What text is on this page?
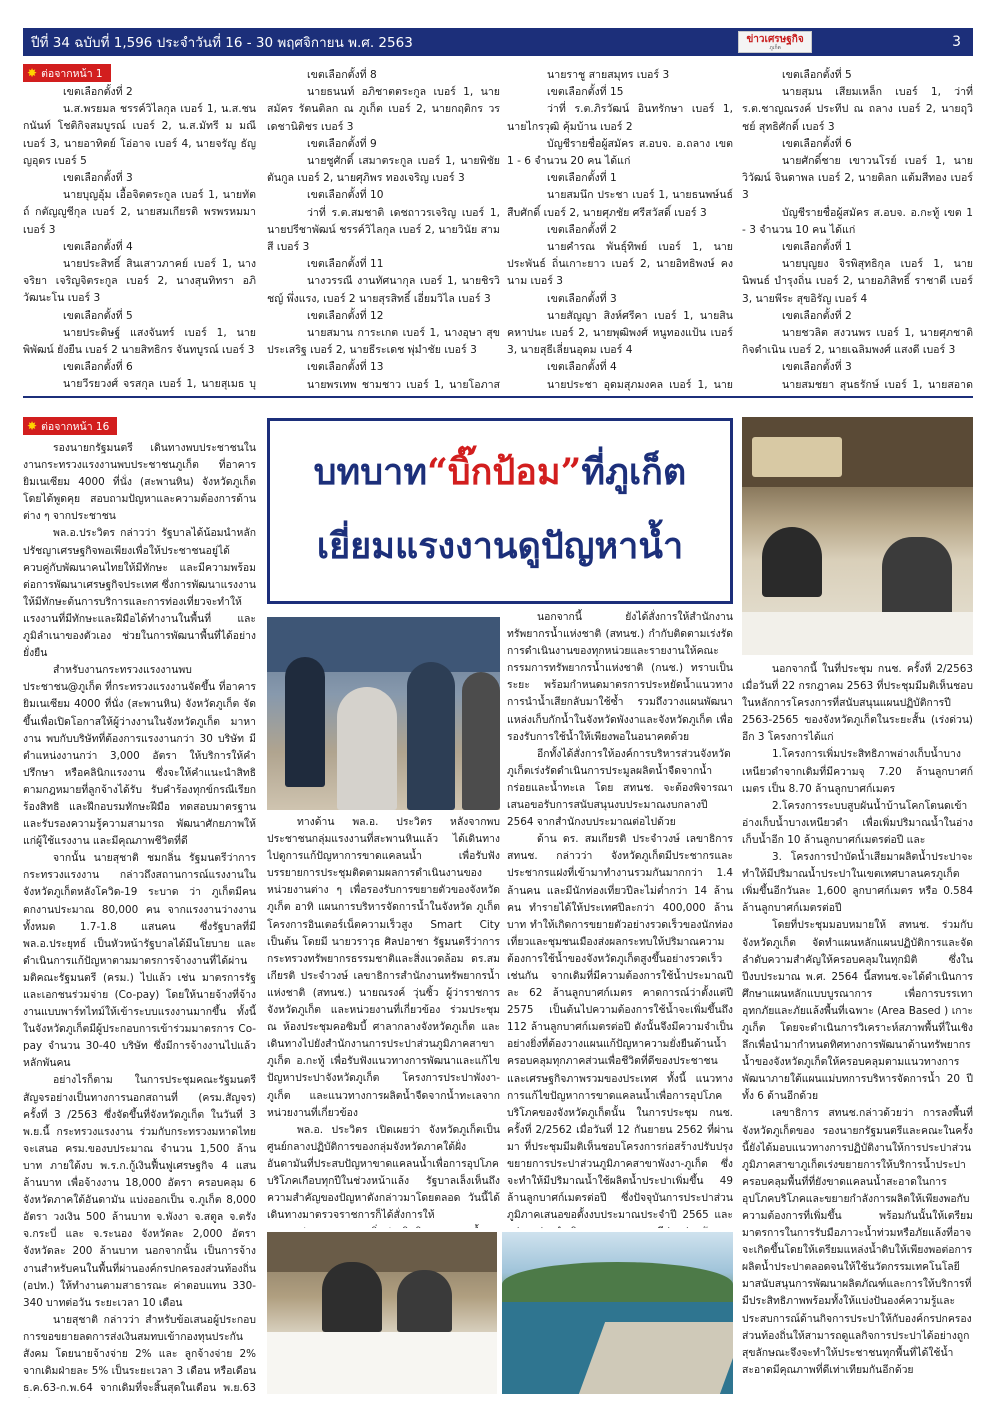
ปีที่ 34 ฉบับที่ 1,596 ประจำวันที่ 16 - 30 พฤศจิกายน พ.ศ. 2563	ข่าวเศรษฐกิจ
ภูเก็ต	3
✸ ต่อจากหน้า 1

เขตเลือกตั้งที่ 2

น.ส.พรยมล ชรรค์วิไลกุล เบอร์ 1, น.ส.ชนกนันท์ โชติกิจสมบูรณ์ เบอร์ 2, น.ส.มัทรี ม มณี เบอร์ 3, นายอาทิตย์ โอ่อาจ เบอร์ 4, นายจรัญ ธัญญอุดร เบอร์ 5

เขตเลือกตั้งที่ 3

นายบุญอุ้ม เอื้อจิตตระกูล เบอร์ 1, นายทัตถ์ กตัญญูชีกุล เบอร์ 2, นายสมเกียรติ พรพรหมมา เบอร์ 3

เขตเลือกตั้งที่ 4

นายประสิทธิ์ สินเสาวภาคย์ เบอร์ 1, นางจริยา เจริญจิตระกูล เบอร์ 2, นางสุนทิทรา อภิวัฒนะโน เบอร์ 3

เขตเลือกตั้งที่ 5

นายประดิษฐ์ แสงจันทร์ เบอร์ 1, นายพิพัฒน์ ยังยืน เบอร์ 2 นายสิทธิกร จันทบูรณ์ เบอร์ 3

เขตเลือกตั้งที่ 6

นายวีรยวงศ์ จรสกุล เบอร์ 1, นายสุเมธ บุ

เขตเลือกตั้งที่ 8

นายธนนท์ อภิชาตตระกูล เบอร์ 1, นายสมัคร รัตนติลก ณ ภูเก็ต เบอร์ 2, นายกฤติกร วรเดชานิติชร เบอร์ 3

เขตเลือกตั้งที่ 9

นายชูศักดิ์ เสมาตระกูล เบอร์ 1, นายพิชัย ตันกูล เบอร์ 2, นายศุภิพร ทองเจริญ เบอร์ 3

เขตเลือกตั้งที่ 10

ว่าที่ ร.ต.สมชาติ เดชถาวรเจริญ เบอร์ 1, นายปรีชาพัฒน์ ชรรค์วิไลกุล เบอร์ 2, นายวินัย สามสี เบอร์ 3

เขตเลือกตั้งที่ 11

นางวรรณี งานทัศนากุล เบอร์ 1, นายชิรวิชญ์ พึ่งแรง, เบอร์ 2 นายสุรสิทธิ์ เอี่ยมวิไล เบอร์ 3

เขตเลือกตั้งที่ 12

นายสมาน การะเกต เบอร์ 1, นางอุษา สุขประเสริฐ เบอร์ 2, นายธีระเดช พุ่มำชัย เบอร์ 3

เขตเลือกตั้งที่ 13

นายพรเทพ ชามชาว เบอร์ 1, นายโอภาส

นายราชู สายสมุทร เบอร์ 3

เขตเลือกตั้งที่ 15

ว่าที่ ร.ต.ภิรวัฒน์ อินทรักษา เบอร์ 1, นายไกรวุฒิ คุ้มบ้าน เบอร์ 2

บัญชีรายชื่อผู้สมัคร ส.อบจ. อ.ถลาง เขต 1 - 6 จำนวน 20 คน ได้แก่

เขตเลือกตั้งที่ 1

นายสมนึก ประชา เบอร์ 1, นายธนพษ์นธ์ สืบศักดิ์ เบอร์ 2, นายศุภชัย ศรีสวัสดิ์ เบอร์ 3

เขตเลือกตั้งที่ 2

นายคำรณ พันธุ์ทิพย์ เบอร์ 1, นายประพันธ์ ถิ่นเกาะยาว เบอร์ 2, นายอิทธิพงษ์ คงนาม เบอร์ 3

เขตเลือกตั้งที่ 3

นายสัญญา สิงห์ศรีคา เบอร์ 1, นายสิน คหาปนะ เบอร์ 2, นายพุฒิพงศ์ หนูทองแป้น เบอร์ 3, นายสุธีเลี่ยนอุดม เบอร์ 4

เขตเลือกตั้งที่ 4

นายประชา อุดมสุภมงคล เบอร์ 1, นาย

เขตเลือกตั้งที่ 5

นายสุมน เสียมเหล็ก เบอร์ 1, ว่าที่ ร.ต.ชาญณรงค์ ประทีป ณ ถลาง เบอร์ 2, นายฤุวิชย์ สุทธิศักดิ์ เบอร์ 3

เขตเลือกตั้งที่ 6

นายศักดิ์ชาย เขาวนโรย์ เบอร์ 1, นายวิวัฒน์ จินดาพล เบอร์ 2, นายดิลก แต้มสีทอง เบอร์ 3

บัญชีรายชื่อผู้สมัคร ส.อบจ. อ.กะทู้ เขต 1 - 3 จำนวน 10 คน ได้แก่

เขตเลือกตั้งที่ 1

นายบุญยง จิรพิสุทธิกุล เบอร์ 1, นายนิพนธ์ บำรุงถิ่น เบอร์ 2, นายอภิสิทธิ์ ราชาดี เบอร์ 3, นายพีระ สุขอิรัญ เบอร์ 4

เขตเลือกตั้งที่ 2

นายชวลิต สงวนพร เบอร์ 1, นายศุภชาติ กิจดำเนิน เบอร์ 2, นายเฉลิมพงศ์ แสงดี เบอร์ 3

เขตเลือกตั้งที่ 3

นายสมชยา สุนธรักษ์ เบอร์ 1, นายสอาด

✸ ต่อจากหน้า 16

รองนายกรัฐมนตรี เดินทางพบประชาชนในงานกระทรวงแรงงานพบประชาชนภูเก็ต ที่อาคารยิมเนเซียม 4000 ที่นั่ง (สะพานหิน) จังหวัดภูเก็ต โดยได้พูดคุย สอบถามปัญหาและความต้องการด้านต่าง ๆ จากประชาชน

พล.อ.ประวิตร กล่าวว่า รัฐบาลได้น้อมนำหลักปรัชญาเศรษฐกิจพอเพียงเพื่อให้ประชาชนอยู่ได้ ควบคู่กับพัฒนาคนไทยให้มีทักษะ และมีความพร้อมต่อการพัฒนาเศรษฐกิจประเทศ ซึ่งการพัฒนาแรงงานให้มีทักษะต้นการบริการและการท่องเที่ยวจะทำให้แรงงานที่มีทักษะและฝีมือได้ทำงานในพื้นที่ และภูมิลำเนาของตัวเอง ช่วยในการพัฒนาพื้นที่ได้อย่างยั่งยืน

สำหรับงานกระทรวงแรงงานพบประชาชน@ภูเก็ต ที่กระทรวงแรงงานจัดขึ้น ที่อาคารยิมเนเซียม 4000 ที่นั่ง (สะพานหิน) จังหวัดภูเก็ต จัดขึ้นเพื่อเปิดโอกาสให้ผู้ว่างงานในจังหวัดภูเก็ต มาหางาน พบกับบริษัทที่ต้องการแรงงานกว่า 30 บริษัท มีตำแหน่งงานกว่า 3,000 อัตรา ให้บริการให้คำปรึกษา หรือคลินิกแรงงาน ซึ่งจะให้คำแนะนำสิทธิตามกฎหมายที่ลูกจ้างได้รับ รับคำร้องทุกข์กรณีเรียกร้องสิทธิ และฝึกอบรมทักษะฝีมือ ทดสอบมาตรฐาน และรับรองความรู้ความสามารถ พัฒนาศักยภาพให้แก่ผู้ใช้แรงงาน และมีคุณภาพชีวิตที่ดี

จากนั้น นายสุชาติ ชมกลิ่น รัฐมนตรีว่าการกระทรวงแรงงาน กล่าวถึงสถานการณ์แรงงานในจังหวัดภูเก็ตหลังโควิด-19 ระบาด ว่า ภูเก็ตมีคนตกงานประมาณ 80,000 คน จากแรงงานว่างงานทั้งหมด 1.7-1.8 แสนคน ซึ่งรัฐบาลที่มี พล.อ.ประยุทธ์ เป็นหัวหน้ารัฐบาลได้มีนโยบาย และดำเนินการแก้ปัญหาตามมาตรการจ้างงานที่ได้ผ่านมติคณะรัฐมนตรี (ครม.) ไปแล้ว เช่น มาตรการรัฐและเอกชนร่วมจ่าย (Co-pay) โดยให้นายจ้างที่จ้างงานแบบพาร์ทไทม์ให้เข้าระบบแรงงานมากขึ้น ทั้งนี้ ในจังหวัดภูเก็ตมีผู้ประกอบการเข้าร่วมมาตรการ Co-pay จำนวน 30-40 บริษัท ซึ่งมีการจ้างงานไปแล้วหลักพันคน

อย่างไรก็ตาม ในการประชุมคณะรัฐมนตรีสัญจรอย่างเป็นทางการนอกสถานที่ (ครม.สัญจร) ครั้งที่ 3 /2563 ซึ่งจัดขึ้นที่จังหวัดภูเก็ต ในวันที่ 3 พ.ย.นี้ กระทรวงแรงงาน ร่วมกับกระทรวงมหาดไทย จะเสนอ ครม.ของบประมาณ จำนวน 1,500 ล้านบาท ภายใต้งบ พ.ร.ก.กู้เงินฟื้นฟูเศรษฐกิจ 4 แสนล้านบาท เพื่อจ้างงาน 18,000 อัตรา ครอบคลุม 6 จังหวัดภาคใต้อันดามัน แบ่งออกเป็น จ.ภูเก็ต 8,000 อัตรา วงเงิน 500 ล้านบาท จ.พังงา จ.สตูล จ.ตรัง จ.กระบี่ และ จ.ระนอง จังหวัดละ 2,000 อัตรา จังหวัดละ 200 ล้านบาท นอกจากนั้น เป็นการจ้างงานสำหรับคนในพื้นที่ผ่านองค์กรปกครองส่วนท้องถิ่น (อปท.) ให้ทำงานตามสาธารณะ ค่าตอบแทน 330-340 บาทต่อวัน ระยะเวลา 10 เดือน

นายสุชาติ กล่าวว่า สำหรับข้อเสนอผู้ประกอบการขอขยายลดการส่งเงินสมทบเข้ากองทุนประกันสังคม โดยนายจ้างจ่าย 2% และ ลูกจ้างจ่าย 2% จากเดิมฝ่ายละ 5% เป็นระยะเวลา 3 เดือน หรือเดือน ธ.ค.63-ก.พ.64 จากเดิมที่จะสิ้นสุดในเดือน พ.ย.63

บทบาท“บิ๊กป้อม”ที่ภูเก็ต
เยี่ยมแรงงานดูปัญหาน้ำ

ทางด้าน พล.อ. ประวิตร หลังจากพบประชาชนกลุ่มแรงงานที่สะพานหินแล้ว ได้เดินทางไปดูการแก้ปัญหาการขาดแคลนน้ำ เพื่อรับฟังบรรยายการประชุมติดตามผลการดำเนินงานของหน่วยงานต่าง ๆ เพื่อรองรับการขยายตัวของจังหวัดภูเก็ต อาทิ แผนการบริหารจัดการน้ำในจังหวัด ภูเก็ต โครงการอินเตอร์เน็ตความเร็วสูง Smart City เป็นต้น โดยมี นายวราวุธ ศิลปอาชา รัฐมนตรีว่าการกระทรวงทรัพยากรธรรมชาติและสิ่งแวดล้อม ดร.สมเกียรติ ประจำวงษ์ เลขาธิการสำนักงานทรัพยากรน้ำแห่งชาติ (สทนช.) นายณรงค์ วุ่นซิ้ว ผู้ว่าราชการจังหวัดภูเก็ต และหน่วยงานที่เกี่ยวข้อง ร่วมประชุม ณ ห้องประชุมคอซิมบี้ ศาลากลางจังหวัดภูเก็ต และเดินทางไปยังสำนักงานการประปาส่วนภูมิภาคสาขาภูเก็ต อ.กะทู้ เพื่อรับฟังแนวทางการพัฒนาและแก้ไขปัญหาประปาจังหวัดภูเก็ต โครงการประปาพังงา-ภูเก็ต และแนวทางการผลิตน้ำจืดจากน้ำทะเลจากหน่วยงานที่เกี่ยวข้อง

พล.อ. ประวิตร เปิดเผยว่า จังหวัดภูเก็ตเป็นศูนย์กลางปฏิบัติการของกลุ่มจังหวัดภาคใต้ฝั่งอันดามันที่ประสบปัญหาขาดแคลนน้ำเพื่อการอุปโภคบริโภคเกือบทุกปีในช่วงหน้าแล้ง รัฐบาลเล็งเห็นถึงความสำคัญของปัญหาดังกล่าวมาโดยตลอด วันนี้ได้เดินทางมาตรวจราชการก็ได้สั่งการให้

นอกจากนี้ ยังได้สั่งการให้สำนักงานทรัพยากรน้ำแห่งชาติ (สทนช.) กำกับติดตามเร่งรัดการดำเนินงานของทุกหน่วยและรายงานให้คณะกรรมการทรัพยากรน้ำแห่งชาติ (กนช.) ทราบเป็นระยะ พร้อมกำหนดมาตรการประหยัดน้ำแนวทางการนำน้ำเสียกลับมาใช้ซ้ำ รวมถึงวางแผนพัฒนาแหล่งเก็บกักน้ำในจังหวัดพังงาและจังหวัดภูเก็ต เพื่อรองรับการใช้น้ำให้เพียงพอในอนาคตด้วย

อีกทั้งได้สั่งการให้องค์การบริหารส่วนจังหวัดภูเก็ตเร่งรัดดำเนินการประมูลผลิตน้ำจืดจากน้ำกร่อยและน้ำทะเล โดย สทนช. จะต้องพิจารณาเสนอขอรับการสนับสนุนงบประมาณงบกลางปี 2564 จากสำนักงบประมาณต่อไปด้วย

ด้าน ดร. สมเกียรติ ประจำวงษ์ เลขาธิการ สทนช. กล่าวว่า จังหวัดภูเก็ตมีประชากรและประชากรแฝงที่เข้ามาทำงานรวมกันมากกว่า 1.4 ล้านคน และมีนักท่องเที่ยวปีละไม่ต่ำกว่า 14 ล้านคน ทำรายได้ให้ประเทศปีละกว่า 400,000 ล้านบาท ทำให้เกิดการขยายตัวอย่างรวดเร็วของนักท่องเที่ยวและชุมชนเมืองส่งผลกระทบให้ปริมาณความต้องการใช้น้ำของจังหวัดภูเก็ตสูงขึ้นอย่างรวดเร็ว เช่นกัน จากเดิมที่มีความต้องการใช้น้ำประมาณปีละ 62 ล้านลูกบาศก์เมตร คาดการณ์ว่าตั้งแต่ปี 2575 เป็นต้นไปความต้องการใช้น้ำจะเพิ่มขึ้นถึง 112 ล้านลูกบาศก์เมตรต่อปี ดังนั้นจึงมีความจำเป็นอย่างยิ่งที่ต้องวางแผนแก้ปัญหาความยั่งยืนด้านน้ำครอบคลุมทุกภาคส่วนเพื่อชีวิตที่ดีของประชาชนและเศรษฐกิจภาพรวมของประเทศ ทั้งนี้ แนวทางการแก้ไขปัญหาการขาดแคลนน้ำเพื่อการอุปโภคบริโภคของจังหวัดภูเก็ตนั้น ในการประชุม กนช. ครั้งที่ 2/2562 เมื่อวันที่ 12 กันยายน 2562 ที่ผ่านมา ที่ประชุมมีมติเห็นชอบโครงการก่อสร้างปรับปรุงขยายการประปาส่วนภูมิภาคสาขาพังงา-ภูเก็ต ซึ่งจะทำให้มีปริมาณน้ำใช้ผลิตน้ำประปาเพิ่มขึ้น 49 ล้านลูกบาศก์เมตรต่อปี ซึ่งปัจจุบันการประปาส่วนภูมิภาคเสนอขอตั้งงบประมาณประจำปี 2565 และ

นอกจากนี้ ในที่ประชุม กนช. ครั้งที่ 2/2563 เมื่อวันที่ 22 กรกฎาคม 2563 ที่ประชุมมีมติเห็นชอบในหลักการโครงการที่สนับสนุนแผนปฏิบัติการปี 2563-2565 ของจังหวัดภูเก็ตในระยะสั้น (เร่งด่วน) อีก 3 โครงการได้แก่

1.โครงการเพิ่มประสิทธิภาพอ่างเก็บน้ำบางเหนียวดำจากเดิมที่มีความจุ 7.20 ล้านลูกบาศก์เมตร เป็น 8.70 ล้านลูกบาศก์เมตร

2.โครงการระบบสูบผันน้ำบ้านโคกโตนดเข้าอ่างเก็บน้ำบางเหนียวดำ เพื่อเพิ่มปริมาณน้ำในอ่างเก็บน้ำอีก 10 ล้านลูกบาศก์เมตรต่อปี และ

3. โครงการบำบัดน้ำเสียมาผลิตน้ำประปาจะทำให้มีปริมาณน้ำประปาในเขตเทศบาลนครภูเก็ตเพิ่มขึ้นอีกวันละ 1,600 ลูกบาศก์เมตร หรือ 0.584 ล้านลูกบาศก์เมตรต่อปี

โดยที่ประชุมมอบหมายให้ สทนช. ร่วมกับจังหวัดภูเก็ต จัดทำแผนหลักแผนปฏิบัติการและจัดลำดับความสำคัญให้ครอบคลุมในทุกมิติ ซึ่งในปีงบประมาณ พ.ศ. 2564 นี้สทนช.จะได้ดำเนินการศึกษาแผนหลักแบบบูรณาการ เพื่อการบรรเทาอุทกภัยและภัยแล้งพื้นที่เฉพาะ (Area Based ) เกาะภูเก็ต โดยจะดำเนินการวิเคราะห์สภาพพื้นที่ในเชิงลึกเพื่อนำมากำหนดทิศทางการพัฒนาด้านทรัพยากรน้ำของจังหวัดภูเก็ตให้ครอบคลุมตามแนวทางการพัฒนาภายใต้แผนแม่บทการบริหารจัดการน้ำ 20 ปีทั้ง 6 ด้านอีกด้วย

เลขาธิการ สทนช.กล่าวด้วยว่า การลงพื้นที่จังหวัดภูเก็ตของ รองนายกรัฐมนตรีและคณะในครั้งนี้ยังได้มอบแนวทางการปฏิบัติงานให้การประปาส่วนภูมิภาคสาขาภูเก็ตเร่งขยายการให้บริการน้ำประปาครอบคลุมพื้นที่ที่ยังขาดแคลนน้ำสะอาดในการอุปโภคบริโภคและขยายกำลังการผลิตให้เพียงพอกับความต้องการที่เพิ่มขึ้น พร้อมกันนั้นให้เตรียมมาตรการในการรับมือภาวะน้ำท่วมหรือภัยแล้งที่อาจจะเกิดขึ้นโดยให้เตรียมแหล่งน้ำดิบให้เพียงพอต่อการผลิตน้ำประปาตลอดจนให้ใช้นวัตกรรมเทคโนโลยีมาสนับสนุนการพัฒนาผลิตภัณฑ์และการให้บริการที่มีประสิทธิภาพพร้อมทั้งให้แบ่งปันองค์ความรู้และประสบการณ์ด้านกิจการประปาให้กับองค์กรปกครองส่วนท้องถิ่นให้สามารถดูแลกิจการประปาได้อย่างถูกสุขลักษณะจึงจะทำให้ประชาชนทุกพื้นที่ได้ใช้น้ำสะอาดมีคุณภาพที่ดีเท่าเทียมกันอีกด้วย
